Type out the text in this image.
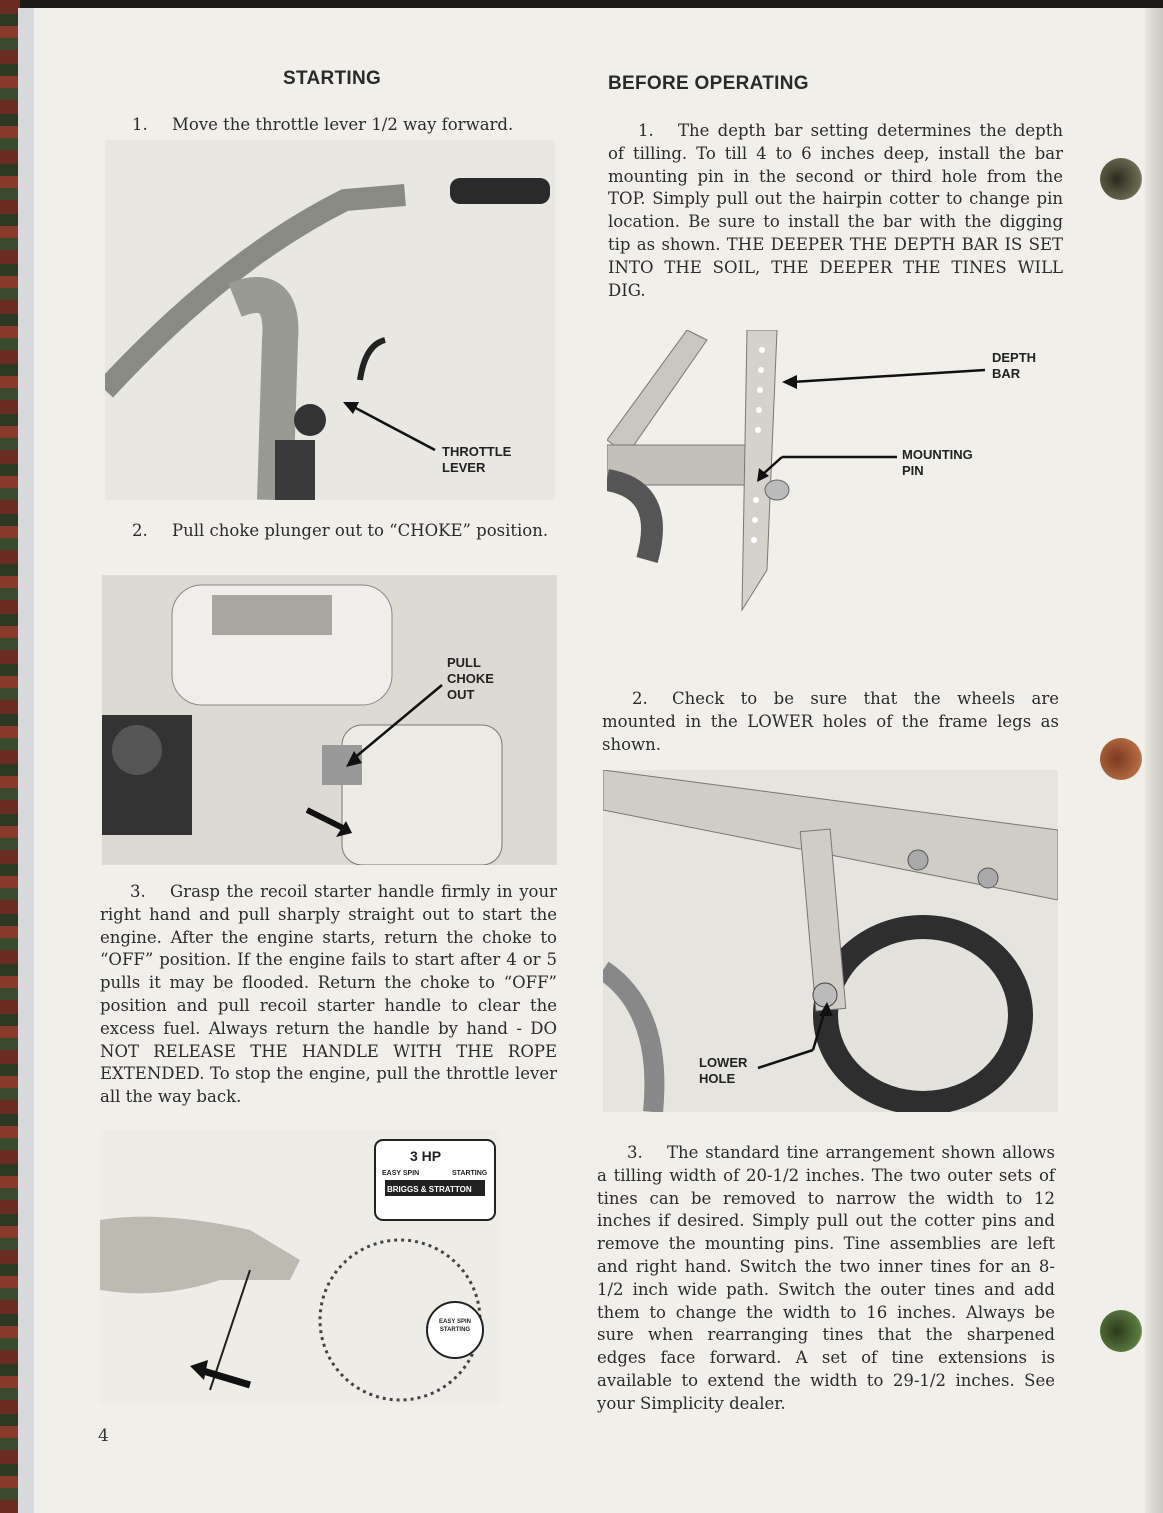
STARTING
1. Move the throttle lever 1/2 way forward.
THROTTLE
LEVER
2. Pull choke plunger out to “CHOKE” position.
PULL
CHOKE
OUT
3. Grasp the recoil starter handle firmly in your right hand and pull sharply straight out to start the engine. After the engine starts, return the choke to “OFF” position. If the engine fails to start after 4 or 5 pulls it may be flooded. Return the choke to “OFF” position and pull recoil starter handle to clear the excess fuel. Always return the handle by hand - DO NOT RELEASE THE HANDLE WITH THE ROPE EXTENDED. To stop the engine, pull the throttle lever all the way back.
3 HP
EASY SPIN	STARTING
BRIGGS & STRATTON
EASY SPIN STARTING
4
BEFORE OPERATING
1. The depth bar setting determines the depth of tilling. To till 4 to 6 inches deep, install the bar mounting pin in the second or third hole from the TOP. Simply pull out the hairpin cotter to change pin location. Be sure to install the bar with the digging tip as shown. THE DEEPER THE DEPTH BAR IS SET INTO THE SOIL, THE DEEPER THE TINES WILL DIG.
DEPTH
BAR
MOUNTING
PIN
2. Check to be sure that the wheels are mounted in the LOWER holes of the frame legs as shown.
LOWER
HOLE
3. The standard tine arrangement shown allows a tilling width of 20-1/2 inches. The two outer sets of tines can be removed to narrow the width to 12 inches if desired. Simply pull out the cotter pins and remove the mounting pins. Tine assemblies are left and right hand. Switch the two inner tines for an 8-1/2 inch wide path. Switch the outer tines and add them to change the width to 16 inches. Always be sure when rearranging tines that the sharpened edges face forward. A set of tine extensions is available to extend the width to 29-1/2 inches. See your Simplicity dealer.
